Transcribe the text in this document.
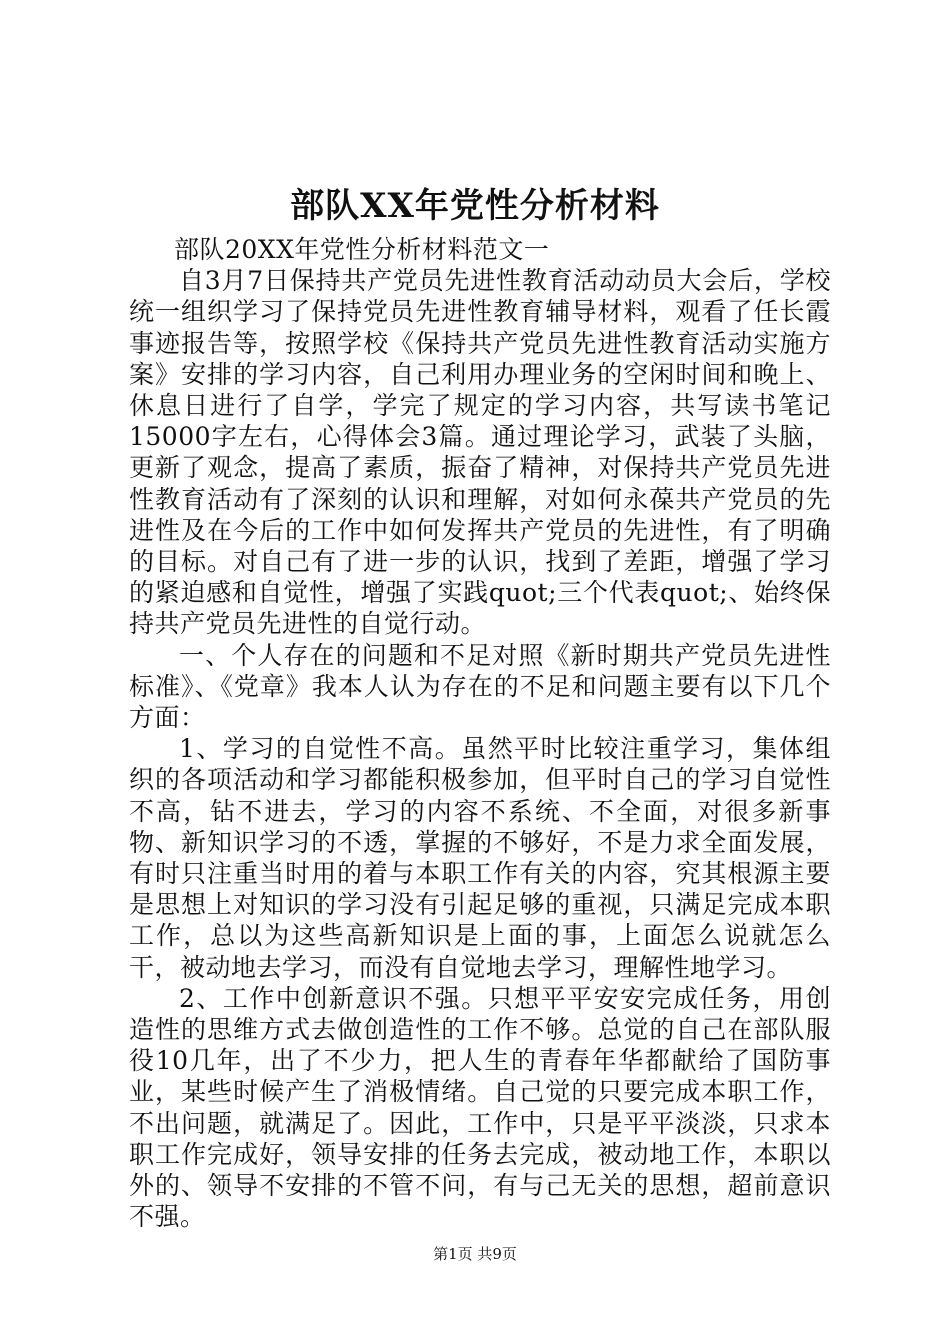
部队XX年党性分析材料

部队20XX年党性分析材料范文一

自3月7日保持共产党员先进性教育活动动员大会后，学校统一组织学习了保持党员先进性教育辅导材料，观看了任长霞事迹报告等，按照学校《保持共产党员先进性教育活动实施方案》安排的学习内容，自己利用办理业务的空闲时间和晚上、休息日进行了自学，学完了规定的学习内容，共写读书笔记15000字左右，心得体会3篇。通过理论学习，武装了头脑，更新了观念，提高了素质，振奋了精神，对保持共产党员先进性教育活动有了深刻的认识和理解，对如何永葆共产党员的先进性及在今后的工作中如何发挥共产党员的先进性，有了明确的目标。对自己有了进一步的认识，找到了差距，增强了学习的紧迫感和自觉性，增强了实践quot;三个代表quot;、始终保持共产党员先进性的自觉行动。

一、个人存在的问题和不足对照《新时期共产党员先进性标准》、《党章》我本人认为存在的不足和问题主要有以下几个方面：

1、学习的自觉性不高。虽然平时比较注重学习，集体组织的各项活动和学习都能积极参加，但平时自己的学习自觉性不高，钻不进去，学习的内容不系统、不全面，对很多新事物、新知识学习的不透，掌握的不够好，不是力求全面发展，有时只注重当时用的着与本职工作有关的内容，究其根源主要是思想上对知识的学习没有引起足够的重视，只满足完成本职工作，总以为这些高新知识是上面的事，上面怎么说就怎么干，被动地去学习，而没有自觉地去学习，理解性地学习。

2、工作中创新意识不强。只想平平安安完成任务，用创造性的思维方式去做创造性的工作不够。总觉的自己在部队服役10几年，出了不少力，把人生的青春年华都献给了国防事业，某些时候产生了消极情绪。自己觉的只要完成本职工作，不出问题，就满足了。因此，工作中，只是平平淡淡，只求本职工作完成好，领导安排的任务去完成，被动地工作，本职以外的、领导不安排的不管不问，有与己无关的思想，超前意识不强。

第1页 共9页
